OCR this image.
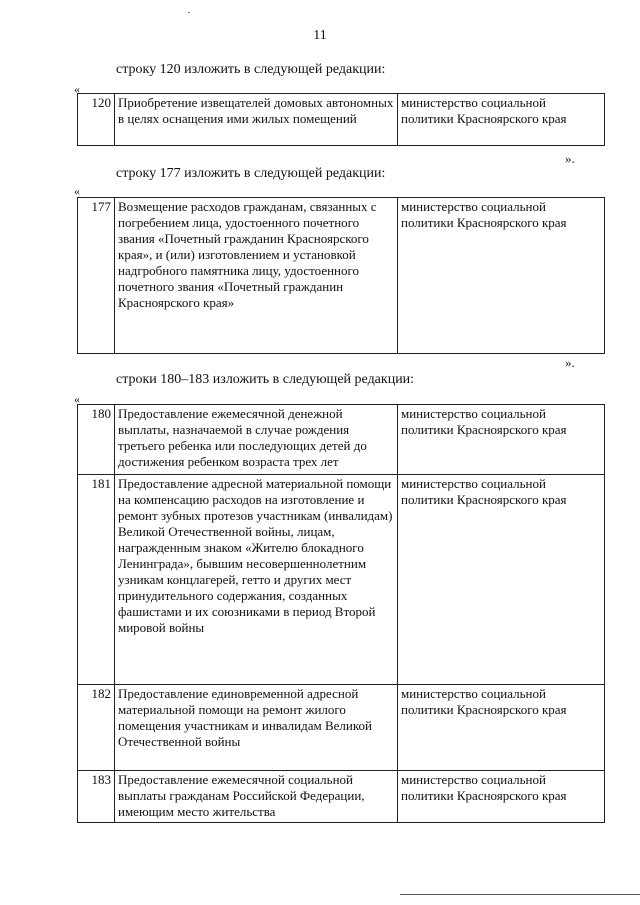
11
строку 120 изложить в следующей редакции:
«
120	Приобретение извещателей домовых автономных в целях оснащения ими жилых помещений	министерство социальной политики Красноярского края
».
строку 177 изложить в следующей редакции:
«
177	Возмещение расходов гражданам, связанных с погребением лица, удостоенного почетного звания «Почетный гражданин Красноярского края», и (или) изготовлением и установкой надгробного памятника лицу, удостоенного почетного звания «Почетный гражданин Красноярского края»	министерство социальной политики Красноярского края
».
строки 180–183 изложить в следующей редакции:
«
180	Предоставление ежемесячной денежной выплаты, назначаемой в случае рождения третьего ребенка или последующих детей до достижения ребенком возраста трех лет	министерство социальной политики Красноярского края
181	Предоставление адресной материальной помощи на компенсацию расходов на изготовление и ремонт зубных протезов участникам (инвалидам) Великой Отечественной войны, лицам, награжденным знаком «Жителю блокадного Ленинграда», бывшим несовершеннолетним узникам концлагерей, гетто и других мест принудительного содержания, созданных фашистами и их союзниками в период Второй мировой войны	министерство социальной политики Красноярского края
182	Предоставление единовременной адресной материальной помощи на ремонт жилого помещения участникам и инвалидам Великой Отечественной войны	министерство социальной политики Красноярского края
183	Предоставление ежемесячной социальной выплаты гражданам Российской Федерации, имеющим место жительства	министерство социальной политики Красноярского края
